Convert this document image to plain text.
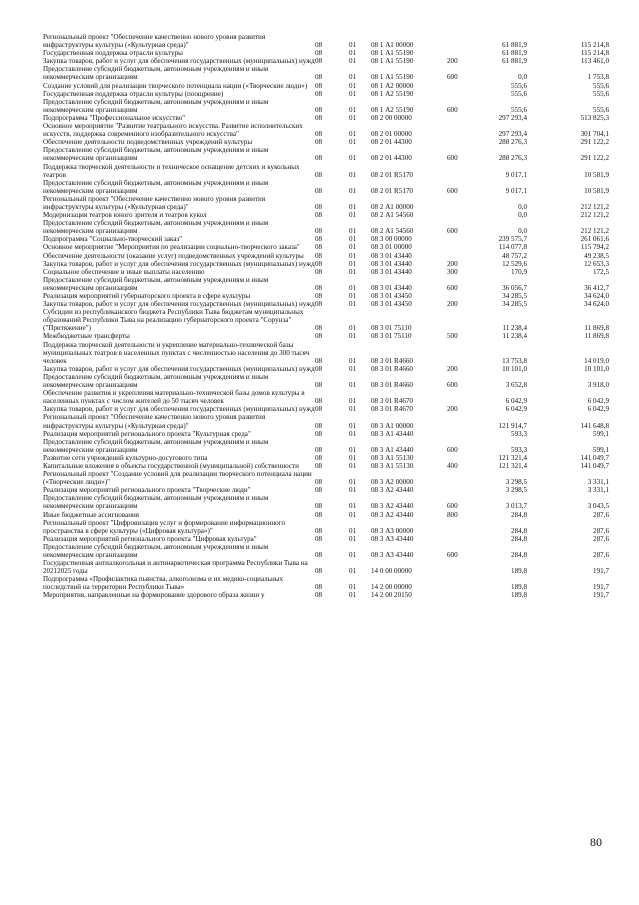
Региональный проект "Обеспечение качественно нового уровня развития инфраструктуры культуры («Культурная среда)"	08	01	08 1 А1 00000		61 881,9	115 214,8
Государственная поддержка отрасли культуры	08	01	08 1 А1 55190		61 881,9	115 214,8
Закупка товаров, работ и услуг для обеспечения государственных (муниципальных) нужд	08	01	08 1 А1 55190	200	61 881,9	113 461,0
Предоставление субсидий бюджетным, автономным учреждениям и иным некоммерческим организациям	08	01	08 1 А1 55190	600	0,0	1 753,8
Создание условий для реализации творческого потенциала нации («Творческие люди»)	08	01	08 1 А2 00000		555,6	555,6
Государственная поддержка отрасли культуры (поощрение)	08	01	08 1 А2 55190		555,6	555,6
Предоставление субсидий бюджетным, автономным учреждениям и иным некоммерческим организациям	08	01	08 1 А2 55190	600	555,6	555,6
Подпрограмма "Профессиональное искусство"	08	01	08 2 00 00000		297 293,4	513 825,3
Основное мероприятие "Развитие театрального искусства. Развитие исполнительских искусств, поддержка современного изобразительного искусства"	08	01	08 2 01 00000		297 293,4	301 704,1
Обеспечение деятельности подведомственных учреждений культуры	08	01	08 2 01 44300		288 276,3	291 122,2
Предоставление субсидий бюджетным, автономным учреждениям и иным некоммерческим организациям	08	01	08 2 01 44300	600	288 276,3	291 122,2
Поддержка творческой деятельности и техническое оснащение детских и кукольных театров	08	01	08 2 01 R5170		9 017,1	10 581,9
Предоставление субсидий бюджетным, автономным учреждениям и иным некоммерческим организациям	08	01	08 2 01 R5170	600	9 017,1	10 581,9
Региональный проект "Обеспечение качественно нового уровня развития инфраструктуры культуры («Культурная среда)"	08	01	08 2 А1 00000		0,0	212 121,2
Модернизация театров юного зрителя и театров кукол	08	01	08 2 А1 54560		0,0	212 121,2
Предоставление субсидий бюджетным, автономным учреждениям и иным некоммерческим организациям	08	01	08 2 А1 54560	600	0,0	212 121,2
Подпрограмма "Социально-творческий заказ"	08	01	08 3 00 00000		239 575,7	261 061,6
Основное мероприятие "Мероприятия по реализации социально-творческого заказа"	08	01	08 3 01 00000		114 077,8	115 794,2
Обеспечение деятельности (оказание услуг) подведомственных учреждений культуры	08	01	08 3 01 43440		48 757,2	49 238,5
Закупка товаров, работ и услуг для обеспечения государственных (муниципальных) нужд	08	01	08 3 01 43440	200	12 529,6	12 653,3
Социальное обеспечение и иные выплаты населению	08	01	08 3 01 43440	300	170,9	172,5
Предоставление субсидий бюджетным, автономным учреждениям и иным некоммерческим организациям	08	01	08 3 01 43440	600	36 056,7	36 412,7
Реализация мероприятий губернаторского проекта в сфере культуры	08	01	08 3 01 43450		34 285,5	34 624,0
Закупка товаров, работ и услуг для обеспечения государственных (муниципальных) нужд	08	01	08 3 01 43450	200	34 285,5	34 624,0
Субсидии из республиканского бюджета Республики Тыва бюджетам муниципальных образований Республики Тыва на реализацию губернаторского проекта "Сорунза" ("Притяжение")	08	01	08 3 01 75110		11 238,4	11 869,8
Межбюджетные трансферты	08	01	08 3 01 75110	500	11 238,4	11 869,8
Поддержка творческой деятельности и укрепление материально-технической базы муниципальных театров в населенных пунктах с численностью населения до 300 тысяч человек	08	01	08 3 01 R4660		13 753,8	14 019,0
Закупка товаров, работ и услуг для обеспечения государственных (муниципальных) нужд	08	01	08 3 01 R4660	200	10 101,0	10 101,0
Предоставление субсидий бюджетным, автономным учреждениям и иным некоммерческим организациям	08	01	08 3 01 R4660	600	3 652,8	3 918,0
Обеспечение развития и укрепления материально-технической базы домов культуры в населенных пунктах с числом жителей до 50 тысяч человек	08	01	08 3 01 R4670		6 042,9	6 042,9
Закупка товаров, работ и услуг для обеспечения государственных (муниципальных) нужд	08	01	08 3 01 R4670	200	6 042,9	6 042,9
Региональный проект "Обеспечение качественно нового уровня развития инфраструктуры культуры («Культурная среда)"	08	01	08 3 А1 00000		121 914,7	141 648,8
Реализация мероприятий регионального проекта "Культурная среда"	08	01	08 3 А1 43440		593,3	599,1
Предоставление субсидий бюджетным, автономным учреждениям и иным некоммерческим организациям	08	01	08 3 А1 43440	600	593,3	599,1
Развитие сети учреждений культурно-досугового типа	08	01	08 3 А1 55130		121 321,4	141 049,7
Капитальные вложения в объекты государственной (муниципальной) собственности	08	01	08 3 А1 55130	400	121 321,4	141 049,7
Региональный проект "Создание условий для реализации творческого потенциала нации («Творческие люди»)"	08	01	08 3 А2 00000		3 298,5	3 331,1
Реализация мероприятий регионального проекта "Творческие люди"	08	01	08 3 А2 43440		3 298,5	3 331,1
Предоставление субсидий бюджетным, автономным учреждениям и иным некоммерческим организациям	08	01	08 3 А2 43440	600	3 013,7	3 043,5
Иные бюджетные ассигнования	08	01	08 3 А2 43440	800	284,8	287,6
Региональный проект "Цифровизация услуг и формирование информационного пространства в сфере культуры («Цифровая культура»)"	08	01	08 3 А3 00000		284,8	287,6
Реализация мероприятий регионального проекта "Цифровая культура"	08	01	08 3 А3 43440		284,8	287,6
Предоставление субсидий бюджетным, автономным учреждениям и иным некоммерческим организациям	08	01	08 3 А3 43440	600	284,8	287,6
Государственная антиалкогольная и антинаркотическая программа Республики Тыва на 20212025 годы	08	01	14 0 00 00000		189,8	191,7
Подпрограмма «Профилактика пьянства, алкоголизма и их медико-социальных последствий на территории Республики Тыва»	08	01	14 2 00 00000		189,8	191,7
Мероприятия, направленные на формирование здорового образа жизни у	08	01	14 2 00 20150		189,8	191,7
80
